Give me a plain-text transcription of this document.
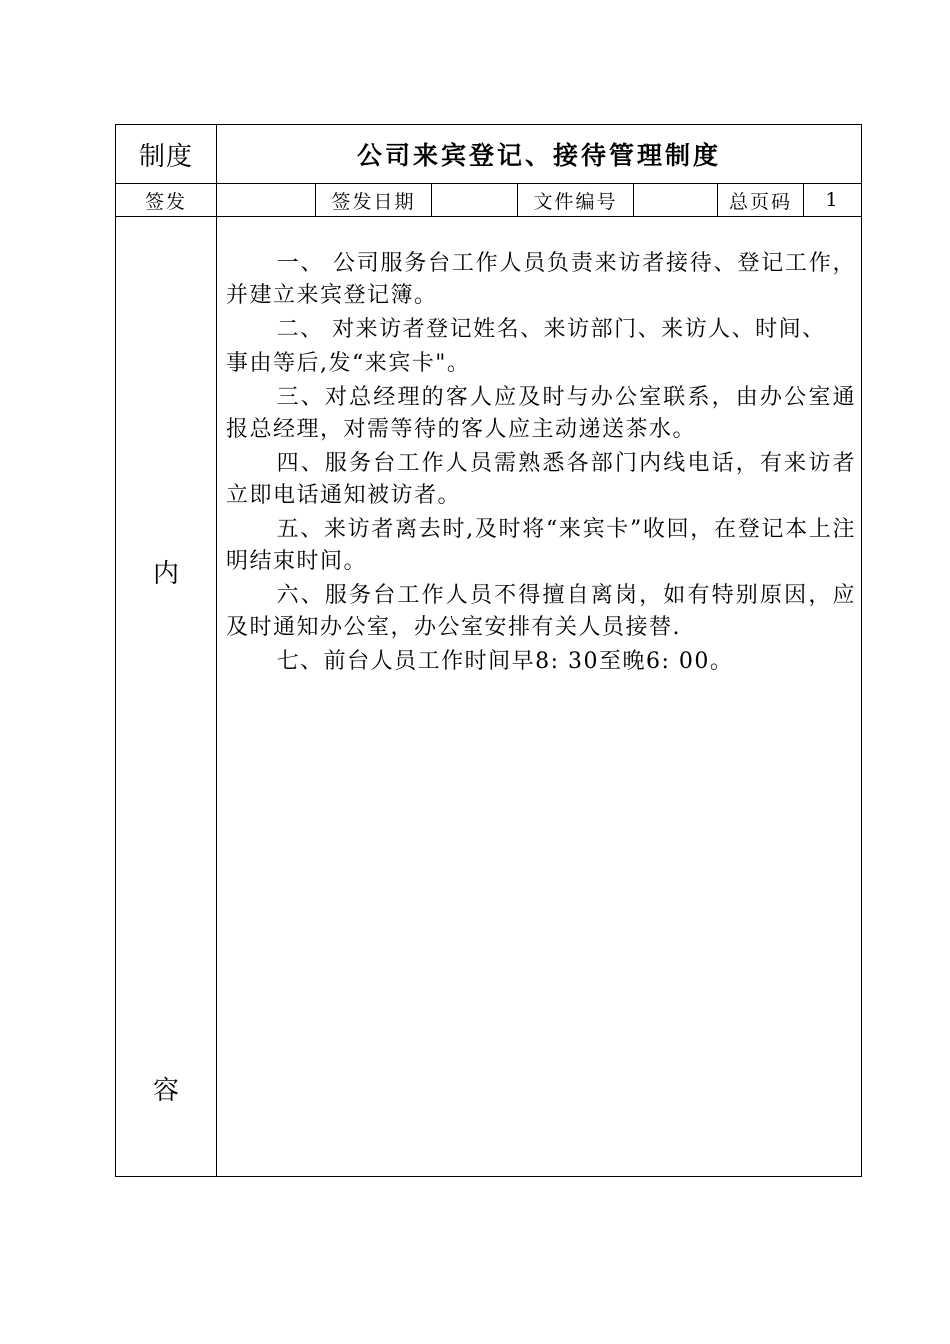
制度	公司来宾登记、接待管理制度
签发	签发日期	文件编号	总页码	1
内
容

一、 公司服务台工作人员负责来访者接待、登记工作，并建立来宾登记簿。

二、 对来访者登记姓名、来访部门、来访人、时间、

事由等后,发“来宾卡"。

三、对总经理的客人应及时与办公室联系，由办公室通报总经理，对需等待的客人应主动递送茶水。

四、服务台工作人员需熟悉各部门内线电话，有来访者立即电话通知被访者。

五、来访者离去时,及时将“来宾卡”收回，在登记本上注明结束时间。

六、服务台工作人员不得擅自离岗，如有特别原因，应及时通知办公室，办公室安排有关人员接替.

七、前台人员工作时间早8: 30至晚6: 00。
